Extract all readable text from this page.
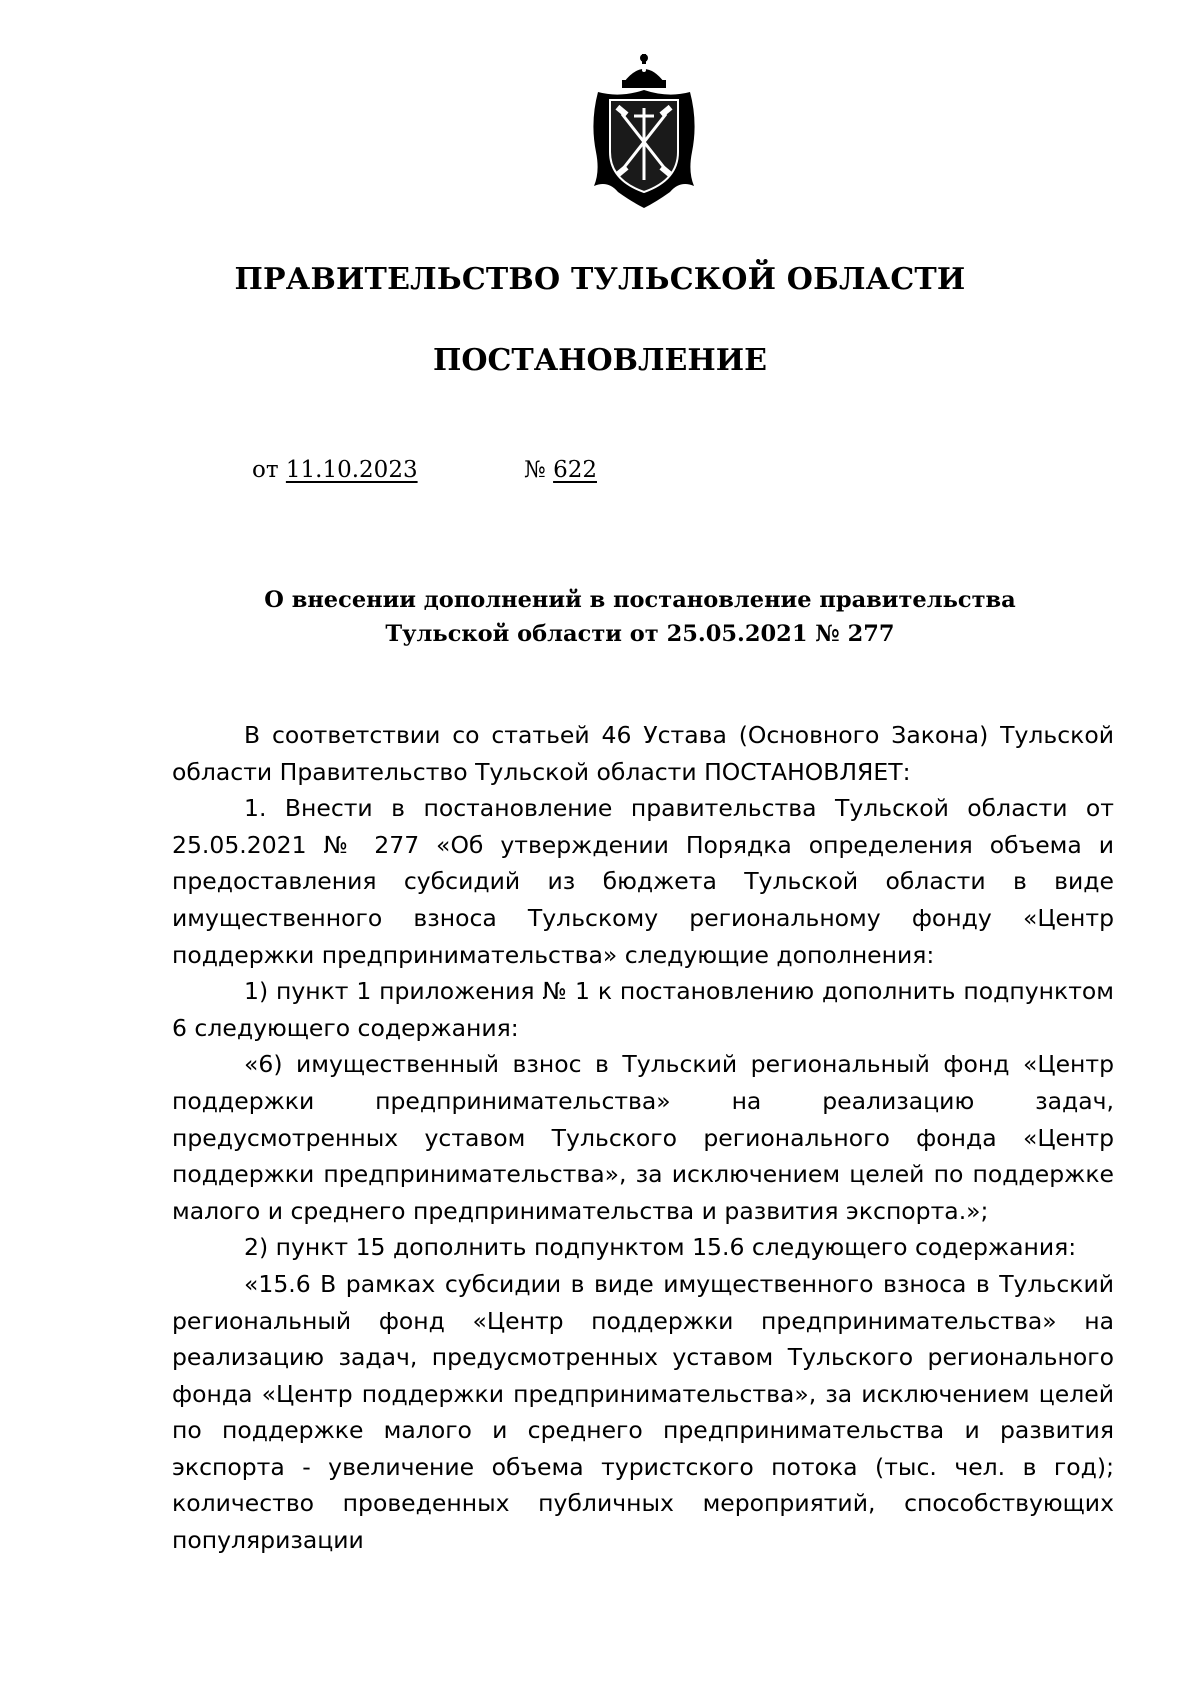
ПРАВИТЕЛЬСТВО ТУЛЬСКОЙ ОБЛАСТИ
ПОСТАНОВЛЕНИЕ
от 11.10.2023	№ 622
О внесении дополнений в постановление правительства
Тульской области от 25.05.2021 № 277

В соответствии со статьей 46 Устава (Основного Закона) Тульской области Правительство Тульской области ПОСТАНОВЛЯЕТ:

1. Внести в постановление правительства Тульской области от 25.05.2021 № 277 «Об утверждении Порядка определения объема и предоставления субсидий из бюджета Тульской области в виде имущественного взноса Тульскому региональному фонду «Центр поддержки предпринимательства» следующие дополнения:

1) пункт 1 приложения № 1 к постановлению дополнить подпунктом 6 следующего содержания:

«6) имущественный взнос в Тульский региональный фонд «Центр поддержки предпринимательства» на реализацию задач, предусмотренных уставом Тульского регионального фонда «Центр поддержки предпринимательства», за исключением целей по поддержке малого и среднего предпринимательства и развития экспорта.»;

2) пункт 15 дополнить подпунктом 15.6 следующего содержания:

«15.6 В рамках субсидии в виде имущественного взноса в Тульский региональный фонд «Центр поддержки предпринимательства» на реализацию задач, предусмотренных уставом Тульского регионального фонда «Центр поддержки предпринимательства», за исключением целей по поддержке малого и среднего предпринимательства и развития экспорта - увеличение объема туристского потока (тыс. чел. в год); количество проведенных публичных мероприятий, способствующих популяризации
